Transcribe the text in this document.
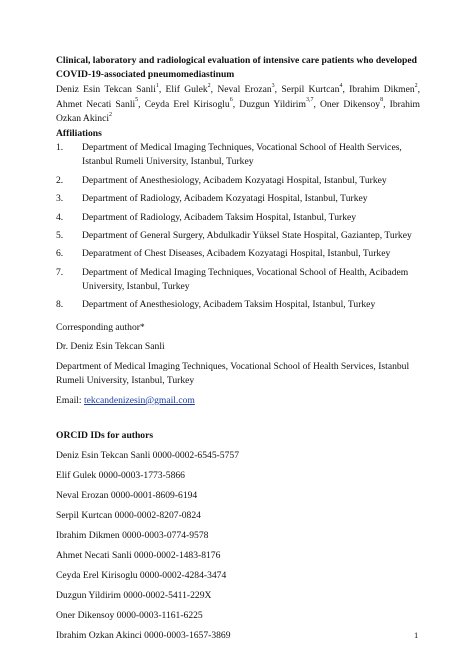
Clinical, laboratory and radiological evaluation of intensive care patients who developed COVID-19-associated pneumomediastinum

Deniz Esin Tekcan Sanli$^1$, Elif Gulek$^2$, Neval Erozan$^3$, Serpil Kurtcan$^4$, Ibrahim Dikmen$^2$, Ahmet Necati Sanli$^5$, Ceyda Erel Kirisoglu$^6$, Duzgun Yildirim$^{3,7}$, Oner Dikensoy$^8$, Ibrahim Ozkan Akinci$^2$

Affiliations
1.	Department of Medical Imaging Techniques, Vocational School of Health Services, Istanbul Rumeli University, Istanbul, Turkey
2.	Department of Anesthesiology, Acibadem Kozyatagi Hospital, Istanbul, Turkey
3.	Department of Radiology, Acibadem Kozyatagi Hospital, Istanbul, Turkey
4.	Department of Radiology, Acibadem Taksim Hospital, Istanbul, Turkey
5.	Department of General Surgery, Abdulkadir Yüksel State Hospital, Gaziantep, Turkey
6.	Deparatment of Chest Diseases, Acibadem Kozyatagi Hospital, Istanbul, Turkey
7.	Department of Medical Imaging Techniques, Vocational School of Health, Acibadem University, Istanbul, Turkey
8.	Department of Anesthesiology, Acibadem Taksim Hospital, Istanbul, Turkey
Corresponding author*
Dr. Deniz Esin Tekcan Sanli
Department of Medical Imaging Techniques, Vocational School of Health Services, Istanbul Rumeli University, Istanbul, Turkey
Email: tekcandenizesin@gmail.com
ORCID IDs for authors
Deniz Esin Tekcan Sanli 0000-0002-6545-5757
Elif Gulek 0000-0003-1773-5866
Neval Erozan 0000-0001-8609-6194
Serpil Kurtcan 0000-0002-8207-0824
Ibrahim Dikmen 0000-0003-0774-9578
Ahmet Necati Sanli 0000-0002-1483-8176
Ceyda Erel Kirisoglu 0000-0002-4284-3474
Duzgun Yildirim 0000-0002-5411-229X
Oner Dikensoy 0000-0003-1161-6225
Ibrahim Ozkan Akinci 0000-0003-1657-3869	1
